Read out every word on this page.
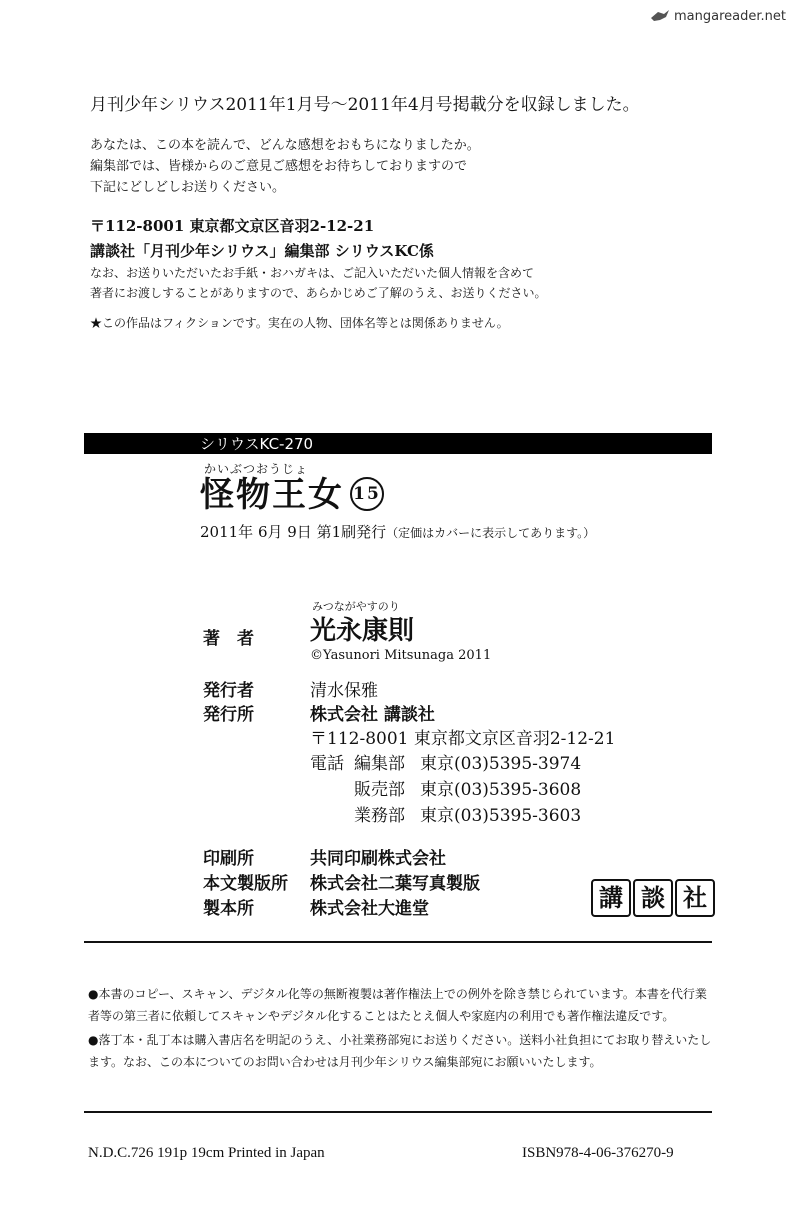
mangareader.net
月刊少年シリウス2011年1月号～2011年4月号掲載分を収録しました。
あなたは、この本を読んで、どんな感想をおもちになりましたか。
編集部では、皆様からのご意見ご感想をお待ちしておりますので
下記にどしどしお送りください。
〒112-8001 東京都文京区音羽2-12-21
講談社「月刊少年シリウス」編集部 シリウスKC係
なお、お送りいただいたお手紙・おハガキは、ご記入いただいた個人情報を含めて
著者にお渡しすることがありますので、あらかじめご了解のうえ、お送りください。
★この作品はフィクションです。実在の人物、団体名等とは関係ありません。
シリウスKC-270
かいぶつおうじょ
怪物王女 15
2011年 6月 9日 第1刷発行（定価はカバーに表示してあります。）
著　者
みつながやすのり
光永康則
©Yasunori Mitsunaga 2011
発行者	清水保雅
発行所	株式会社 講談社
〒112-8001 東京都文京区音羽2-12-21
電話 編集部 東京(03)5395-3974
販売部 東京(03)5395-3608
業務部 東京(03)5395-3603
印刷所	共同印刷株式会社
本文製版所 株式会社二葉写真製版
製本所	株式会社大進堂	講 談 社
●本書のコピー、スキャン、デジタル化等の無断複製は著作権法上での例外を除き禁じられています。本書を代行業
者等の第三者に依頼してスキャンやデジタル化することはたとえ個人や家庭内の利用でも著作権法違反です。
●落丁本・乱丁本は購入書店名を明記のうえ、小社業務部宛にお送りください。送料小社負担にてお取り替えいたし
ます。なお、この本についてのお問い合わせは月刊少年シリウス編集部宛にお願いいたします。
N.D.C.726 191p 19cm Printed in Japan	ISBN978-4-06-376270-9
